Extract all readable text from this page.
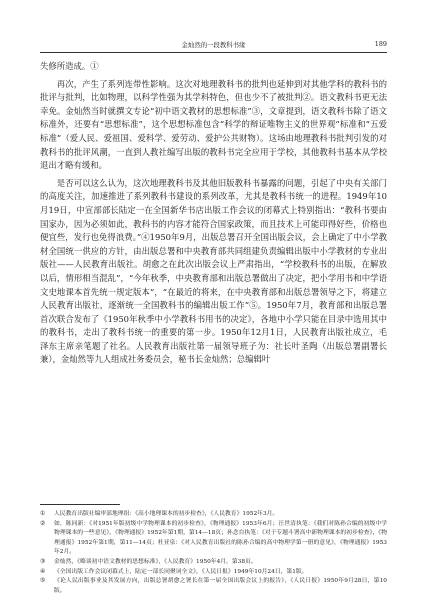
金灿然的一段教科书缘	189

失修所造成。①

再次，产生了系列连带性影响。这次对地理教科书的批判也延伸到对其他学科的教科书的批评与批判，比如物理，以科学性强为其学科特色，但也少不了被批判②。语文教科书更无法幸免。金灿然当时就撰文专论“初中语文教材的思想标准”③，文章提到，语文教科书除了语文标准外，还要有“思想标准”，这个思想标准包含“科学的辩证唯物主义的世界观”标准和“五爱标准”（爱人民、爱祖国、爱科学、爱劳动、爱护公共财物）。这场由地理教科书批判引发的对教科书的批评风潮，一直到人教社编写出版的教科书完全应用于学校，其他教科书基本从学校退出才略有缓和。

是否可以这么认为，这次地理教科书及其他旧版教科书暴露的问题，引起了中央有关部门的高度关注，加速推进了系列教科书建设的系列改革，尤其是教科书统一的进程。1949年10月19日，中宣部部长陆定一在全国新华书店出版工作会议的闭幕式上特别指出：“教科书要由国家办，因为必须如此，教科书的内容才能符合国家政策，而且技术上可能印得好些，价格也便宜些，发行也免得浪费。”④1950年9月，出版总署召开全国出版会议，会上确定了中小学教材全国统一供应的方针，由出版总署和中央教育部共同组建负责编辑出版中小学教材的专业出版社——人民教育出版社。胡愈之在此次出版会议上严肃指出，“学校教科书的出版，在解放以后，情形相当混乱”，“今年秋季，中央教育部和出版总署做出了决定，把小学用书和中学语文史地课本首先统一规定版本”，“在最近的将来，在中央教育部和出版总署领导之下，将建立人民教育出版社，逐渐统一全国教科书的编辑出版工作”⑤。1950年7月，教育部和出版总署首次联合发布了《1950年秋季中小学教科书用书的决定》，各地中小学只能在目录中选用其中的教科书，走出了教科书统一的重要的第一步。1950年12月1日，人民教育出版社成立，毛泽东主席亲笔题了社名。人民教育出版社第一届领导班子为：社长叶圣陶（出版总署副署长兼），金灿然等九人组成社务委员会，秘书长金灿然；总编辑叶

①	人民教育出版社编审部地理组：《高小地理课本的初步检查》，《人民教育》1952年3月。
②	如，陈同新：《对1951年版初级中学物理课本的初步检查》，《物理通报》1953年6月；汪世清执笔：《我们对陈孙合编的初级中学物理课本的一些意见》，《物理通报》1952年第1期，第14—18页；孙念台执笔：《对于专题斗署高中新物理课本的初步检查》，《物理通报》1952年第1期，第11—14页；杜亚泉：《对人民教育出版社的陈孙合编的高中物理学第一册的意见》，《物理通报》1953年2月。
③	金灿然，《略谈初中语文教材的思想标准》，《人民教育》1950年4月，第38页。
④	《全国出版工作会议闭幕式上，陆定一部长同聚词全文》，《人民日报》1949年10月24日，第1版。
⑤	《论人民出版事业及其发展方向，出版总署胡愈之署长在第一届全国出版会议上的报告》，《人民日报》1950年9月28日，第10版。
